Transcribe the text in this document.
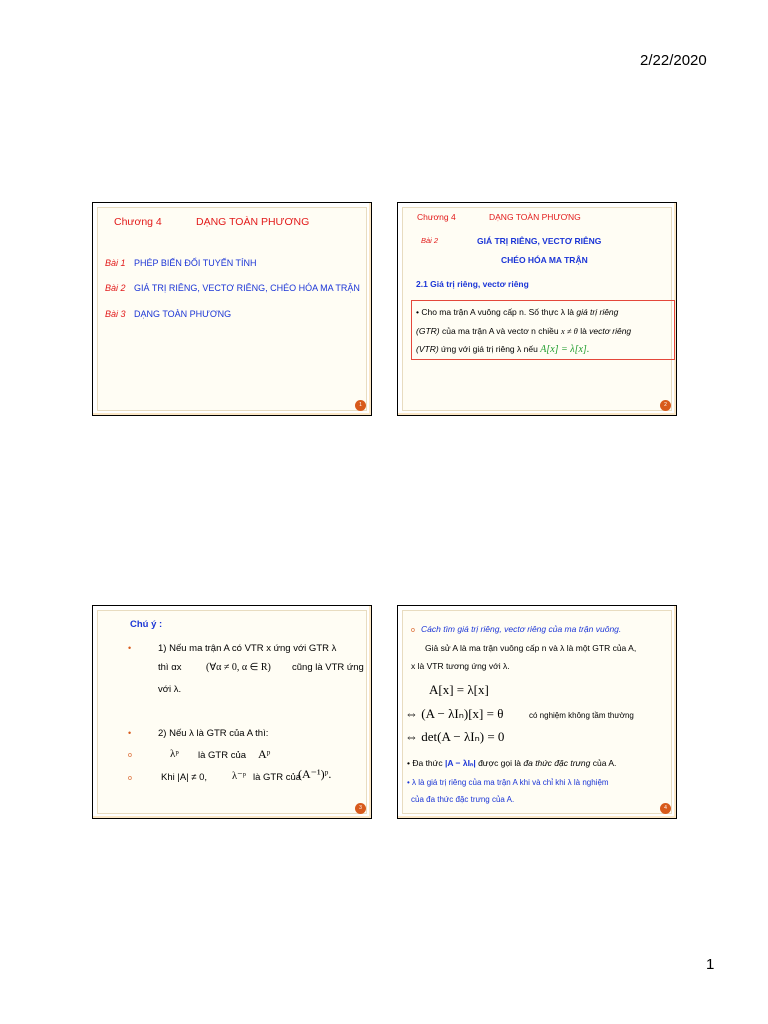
2/22/2020
Chương 4	DẠNG TOÀN PHƯƠNG
Bài 1 PHÉP BIẾN ĐỔI TUYẾN TÍNH
Bài 2 GIÁ TRỊ RIÊNG, VECTƠ RIÊNG, CHÉO HÓA MA TRẬN
Bài 3 DẠNG TOÀN PHƯƠNG
1
Chương 4	DẠNG TOÀN PHƯƠNG
Bài 2	GIÁ TRỊ RIÊNG, VECTƠ RIÊNG
CHÉO HÓA MA TRẬN
2.1 Giá trị riêng, vectơ riêng
• Cho ma trận A vuông cấp n. Số thực λ là giá trị riêng
(GTR) của ma trận A và vectơ n chiều x ≠ θ là vectơ riêng
(VTR) ứng với giá trị riêng λ nếu A[x] = λ[x].
2
Chú ý :
•	1) Nếu ma trận A có VTR x ứng với GTR λ
thì αx (∀α ≠ 0, α ∈ R) cũng là VTR ứng
với λ.
•	2) Nếu λ là GTR của A thì:
o	λᵖ là GTR của Aᵖ
o	Khi |A| ≠ 0, λ⁻ᵖ là GTR của
(A⁻¹)ᵖ.
3
o Cách tìm giá trị riêng, vectơ riêng của ma trận vuông.
Giả sử A là ma trận vuông cấp n và λ là một GTR của A,
x là VTR tương ứng với λ.
A[x] = λ[x]
⇔ (A − λIₙ)[x] = θ	có nghiệm không tầm thường
⇔ det(A − λIₙ) = 0
• Đa thức |A − λIₙ| được gọi là đa thức đặc trưng của A.
• λ là giá trị riêng của ma trận A khi và chỉ khi λ là nghiệm
của đa thức đặc trưng của A.
4
1
